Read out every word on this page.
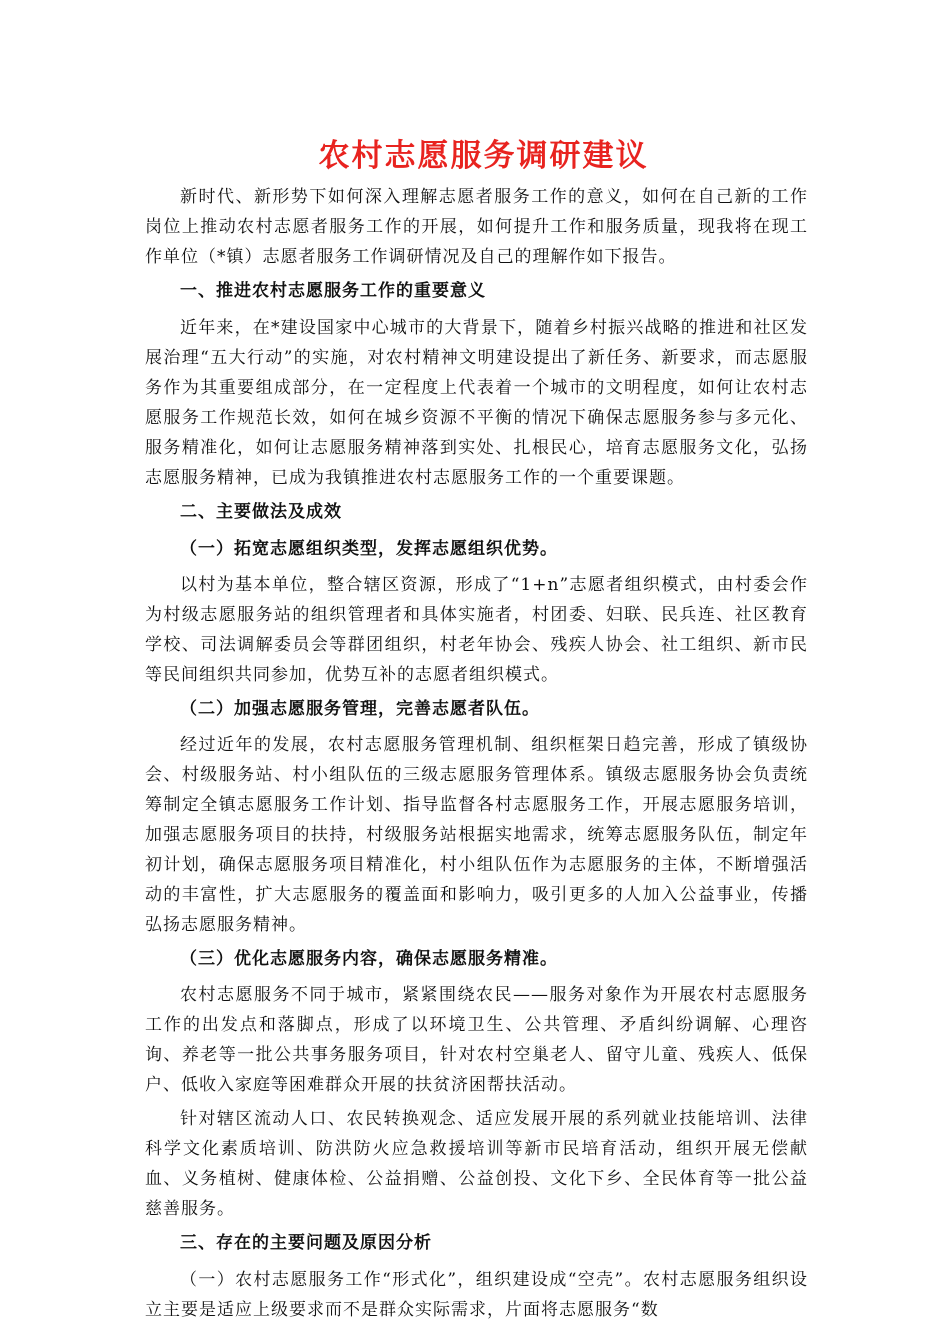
农村志愿服务调研建议

新时代、新形势下如何深入理解志愿者服务工作的意义，如何在自己新的工作岗位上推动农村志愿者服务工作的开展，如何提升工作和服务质量，现我将在现工作单位（*镇）志愿者服务工作调研情况及自己的理解作如下报告。

一、推进农村志愿服务工作的重要意义

近年来，在*建设国家中心城市的大背景下，随着乡村振兴战略的推进和社区发展治理“五大行动”的实施，对农村精神文明建设提出了新任务、新要求，而志愿服务作为其重要组成部分，在一定程度上代表着一个城市的文明程度，如何让农村志愿服务工作规范长效，如何在城乡资源不平衡的情况下确保志愿服务参与多元化、服务精准化，如何让志愿服务精神落到实处、扎根民心，培育志愿服务文化，弘扬志愿服务精神，已成为我镇推进农村志愿服务工作的一个重要课题。

二、主要做法及成效

（一）拓宽志愿组织类型，发挥志愿组织优势。

以村为基本单位，整合辖区资源，形成了“1+n”志愿者组织模式，由村委会作为村级志愿服务站的组织管理者和具体实施者，村团委、妇联、民兵连、社区教育学校、司法调解委员会等群团组织，村老年协会、残疾人协会、社工组织、新市民等民间组织共同参加，优势互补的志愿者组织模式。

（二）加强志愿服务管理，完善志愿者队伍。

经过近年的发展，农村志愿服务管理机制、组织框架日趋完善，形成了镇级协会、村级服务站、村小组队伍的三级志愿服务管理体系。镇级志愿服务协会负责统筹制定全镇志愿服务工作计划、指导监督各村志愿服务工作，开展志愿服务培训，加强志愿服务项目的扶持，村级服务站根据实地需求，统筹志愿服务队伍，制定年初计划，确保志愿服务项目精准化，村小组队伍作为志愿服务的主体，不断增强活动的丰富性，扩大志愿服务的覆盖面和影响力，吸引更多的人加入公益事业，传播弘扬志愿服务精神。

（三）优化志愿服务内容，确保志愿服务精准。

农村志愿服务不同于城市，紧紧围绕农民——服务对象作为开展农村志愿服务工作的出发点和落脚点，形成了以环境卫生、公共管理、矛盾纠纷调解、心理咨询、养老等一批公共事务服务项目，针对农村空巢老人、留守儿童、残疾人、低保户、低收入家庭等困难群众开展的扶贫济困帮扶活动。

针对辖区流动人口、农民转换观念、适应发展开展的系列就业技能培训、法律科学文化素质培训、防洪防火应急救援培训等新市民培育活动，组织开展无偿献血、义务植树、健康体检、公益捐赠、公益创投、文化下乡、全民体育等一批公益慈善服务。

三、存在的主要问题及原因分析

（一）农村志愿服务工作“形式化”，组织建设成“空壳”。农村志愿服务组织设立主要是适应上级要求而不是群众实际需求，片面将志愿服务“数
